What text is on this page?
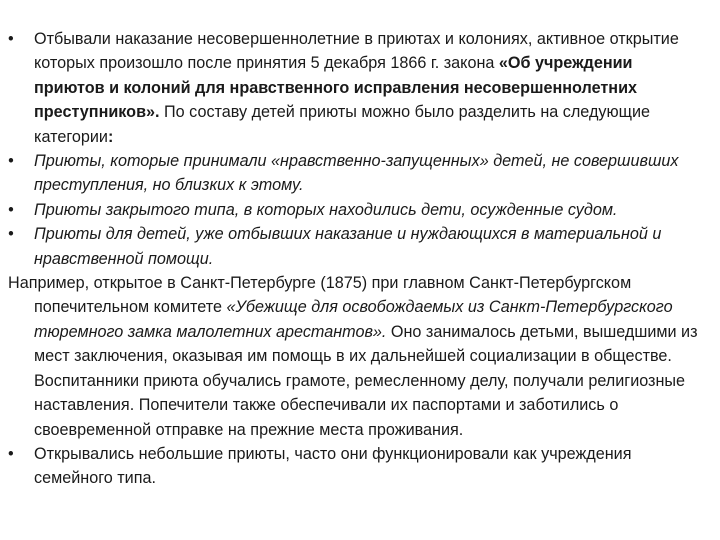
•	Отбывали наказание несовершеннолетние в приютах и колониях, активное открытие которых произошло после принятия 5 декабря 1866 г. закона «Об учреждении приютов и колоний для нравственного исправления несовершеннолетних преступников». По составу детей приюты можно было разделить на следующие категории:

•	Приюты, которые принимали «нравственно-запущенных» детей, не совершивших преступления, но близких к этому.

•	Приюты закрытого типа, в которых находились дети, осужденные судом.

•	Приюты для детей, уже отбывших наказание и нуждающихся в материальной и нравственной помощи.

Например, открытое в Санкт-Петербурге (1875) при главном Санкт-Петербургском попечительном комитете «Убежище для освобождаемых из Санкт-Петербургского тюремного замка малолетних арестантов». Оно занималось детьми, вышедшими из мест заключения, оказывая им помощь в их дальнейшей социализации в обществе. Воспитанники приюта обучались грамоте, ремесленному делу, получали религиозные наставления. Попечители также обеспечивали их паспортами и заботились о своевременной отправке на прежние места проживания.

•	Открывались небольшие приюты, часто они функционировали как учреждения семейного типа.
